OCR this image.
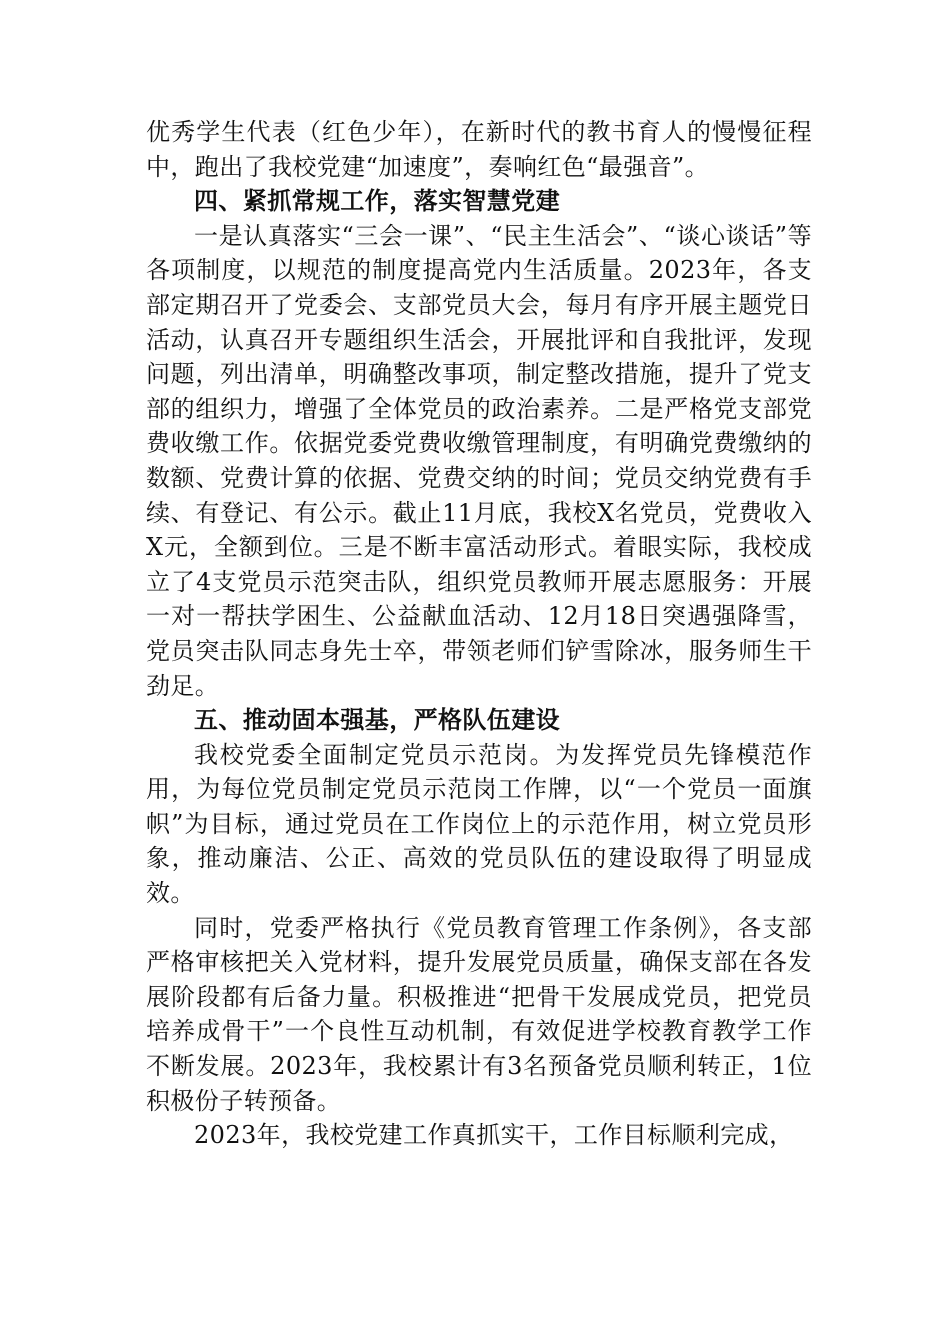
优秀学生代表（红色少年），在新时代的教书育人的慢慢征程中，跑出了我校党建“加速度”，奏响红色“最强音”。

四、紧抓常规工作，落实智慧党建

一是认真落实“三会一课”、“民主生活会”、“谈心谈话”等各项制度，以规范的制度提高党内生活质量。2023年，各支部定期召开了党委会、支部党员大会，每月有序开展主题党日活动，认真召开专题组织生活会，开展批评和自我批评，发现问题，列出清单，明确整改事项，制定整改措施，提升了党支部的组织力，增强了全体党员的政治素养。二是严格党支部党费收缴工作。依据党委党费收缴管理制度，有明确党费缴纳的数额、党费计算的依据、党费交纳的时间；党员交纳党费有手续、有登记、有公示。截止11月底，我校X名党员，党费收入X元，全额到位。三是不断丰富活动形式。着眼实际，我校成立了4支党员示范突击队，组织党员教师开展志愿服务：开展一对一帮扶学困生、公益献血活动、12月18日突遇强降雪，党员突击队同志身先士卒，带领老师们铲雪除冰，服务师生干劲足。

五、推动固本强基，严格队伍建设

我校党委全面制定党员示范岗。为发挥党员先锋模范作用，为每位党员制定党员示范岗工作牌，以“一个党员一面旗帜”为目标，通过党员在工作岗位上的示范作用，树立党员形象，推动廉洁、公正、高效的党员队伍的建设取得了明显成效。

同时，党委严格执行《党员教育管理工作条例》，各支部严格审核把关入党材料，提升发展党员质量，确保支部在各发展阶段都有后备力量。积极推进“把骨干发展成党员，把党员培养成骨干”一个良性互动机制，有效促进学校教育教学工作不断发展。2023年，我校累计有3名预备党员顺利转正，1位积极份子转预备。

2023年，我校党建工作真抓实干，工作目标顺利完成，
